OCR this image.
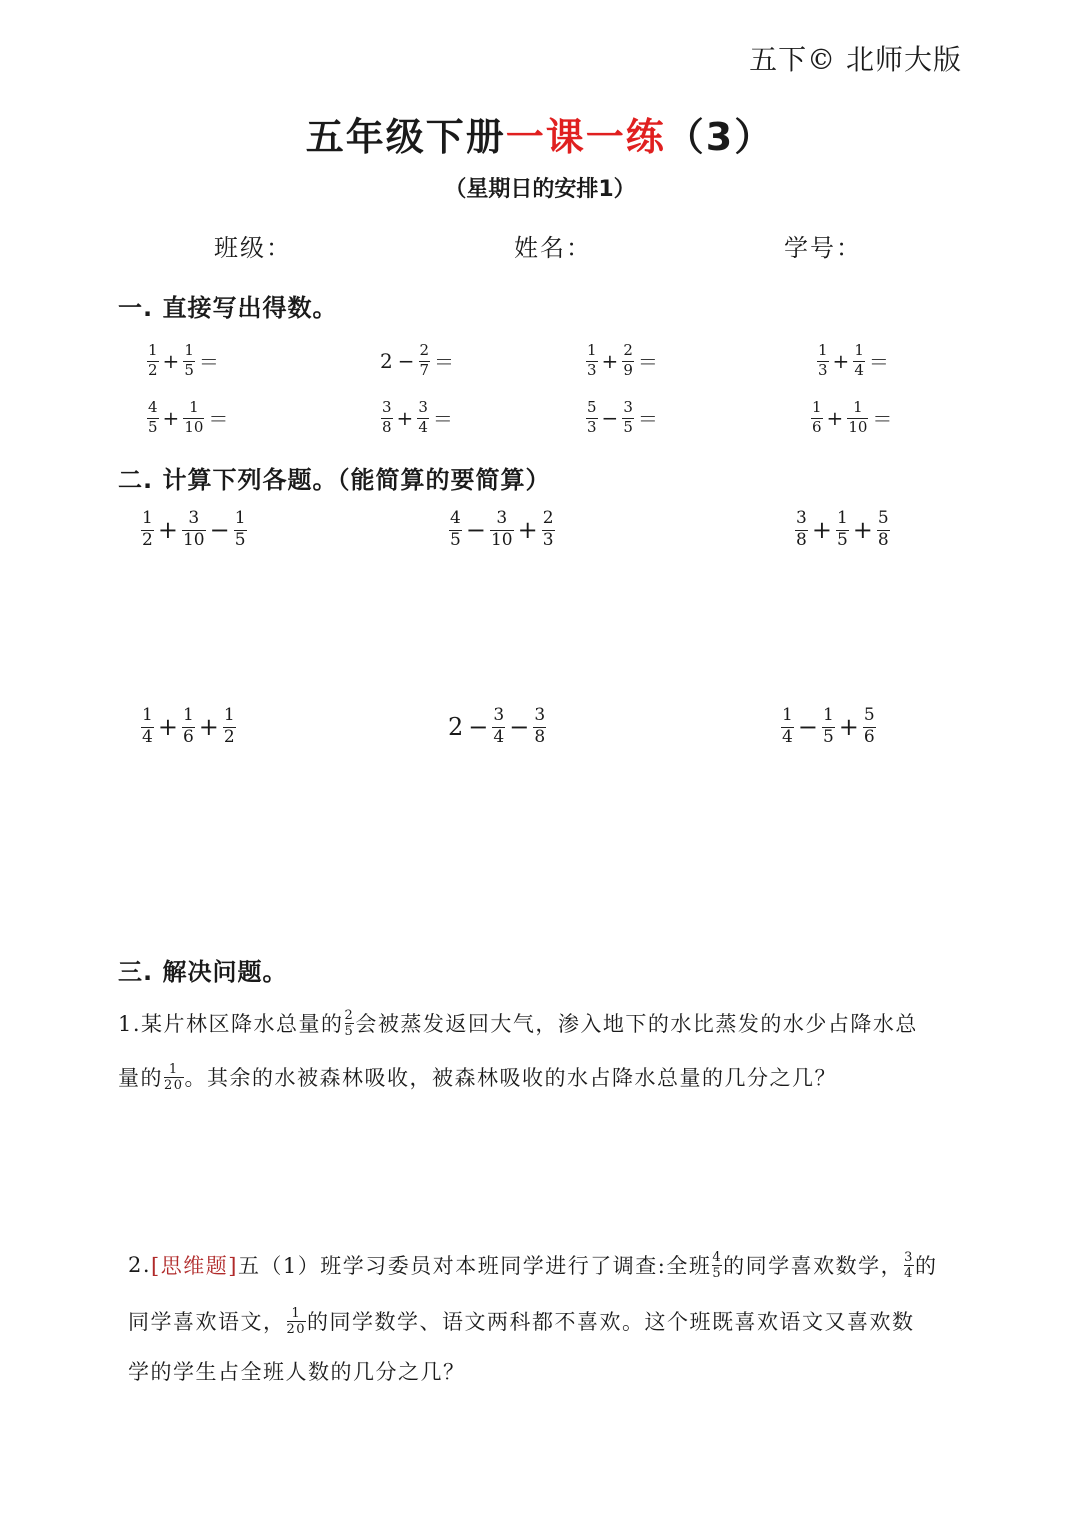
五下© 北师大版
五年级下册一课一练（3）
（星期日的安排1）
班级：	姓名：	学号：
一. 直接写出得数。
$\frac{1}{2} + \frac{1}{5}$ ＝	$2 - \frac{2}{7}$ ＝	$\frac{1}{3} + \frac{2}{9}$ ＝	$\frac{1}{3} + \frac{1}{4}$ ＝
$\frac{4}{5} + \frac{1}{10}$ ＝	$\frac{3}{8} + \frac{3}{4}$ ＝	$\frac{5}{3} - \frac{3}{5}$ ＝	$\frac{1}{6} + \frac{1}{10}$ ＝
二. 计算下列各题。（能简算的要简算）
$\frac{1}{2} + \frac{3}{10} - \frac{1}{5}$	$\frac{4}{5} - \frac{3}{10} + \frac{2}{3}$	$\frac{3}{8} + \frac{1}{5} + \frac{5}{8}$
$\frac{1}{4} + \frac{1}{6} + \frac{1}{2}$	$2 - \frac{3}{4} - \frac{3}{8}$	$\frac{1}{4} - \frac{1}{5} + \frac{5}{6}$
三. 解决问题。
1.某片林区降水总量的 2
5 会被蒸发返回大气，渗入地下的水比蒸发的水少占降水总
量的 1
20 。其余的水被森林吸收，被森林吸收的水占降水总量的几分之几？
2. [思维题] 五（1）班学习委员对本班同学进行了调查:全班 4
5 的同学喜欢数学， 3
4 的
同学喜欢语文， 1
20 的同学数学、语文两科都不喜欢。这个班既喜欢语文又喜欢数
学的学生占全班人数的几分之几？
